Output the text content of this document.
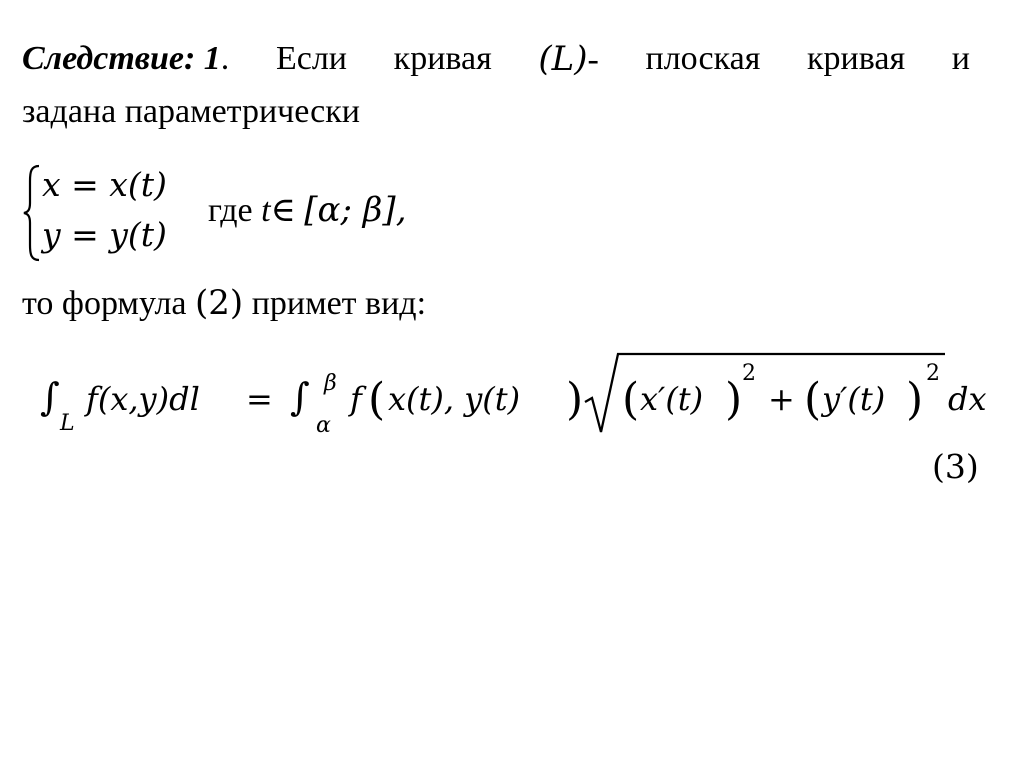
Следствие: 1. Если кривая (L)- плоская кривая и
задана параметрически
x = x(t)
y = y(t)
где t∈ [α; β],
то формула (2) примет вид:
∫
L
f(x,y)dl = ∫ β
α
f ( x(t), y(t) ) ( x′(t) )
2
+ ( y′(t) )
2
dx
(3)
